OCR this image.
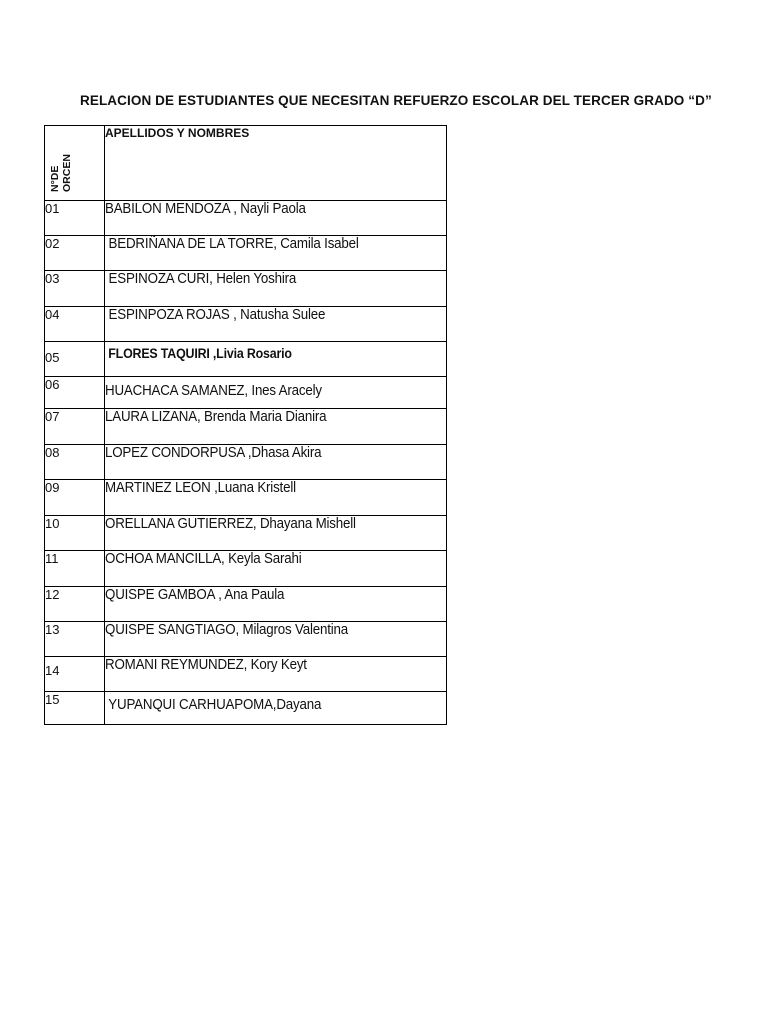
RELACION DE ESTUDIANTES QUE NECESITAN REFUERZO ESCOLAR DEL TERCER GRADO “D”
N°DE ORCEN	APELLIDOS Y NOMBRES
01	BABILON MENDOZA , Nayli Paola
02	BEDRIÑANA DE LA TORRE, Camila Isabel
03	ESPINOZA CURI, Helen Yoshira
04	ESPINPOZA ROJAS , Natusha Sulee
05	FLORES TAQUIRI ,Livia Rosario
06	HUACHACA SAMANEZ, Ines Aracely
07	LAURA LIZANA, Brenda Maria Dianira
08	LOPEZ CONDORPUSA ,Dhasa Akira
09	MARTINEZ LEON ,Luana Kristell
10	ORELLANA GUTIERREZ, Dhayana Mishell
11	OCHOA MANCILLA, Keyla Sarahi
12	QUISPE GAMBOA , Ana Paula
13	QUISPE SANGTIAGO, Milagros Valentina
14	ROMANI REYMUNDEZ, Kory Keyt
15	YUPANQUI CARHUAPOMA,Dayana
